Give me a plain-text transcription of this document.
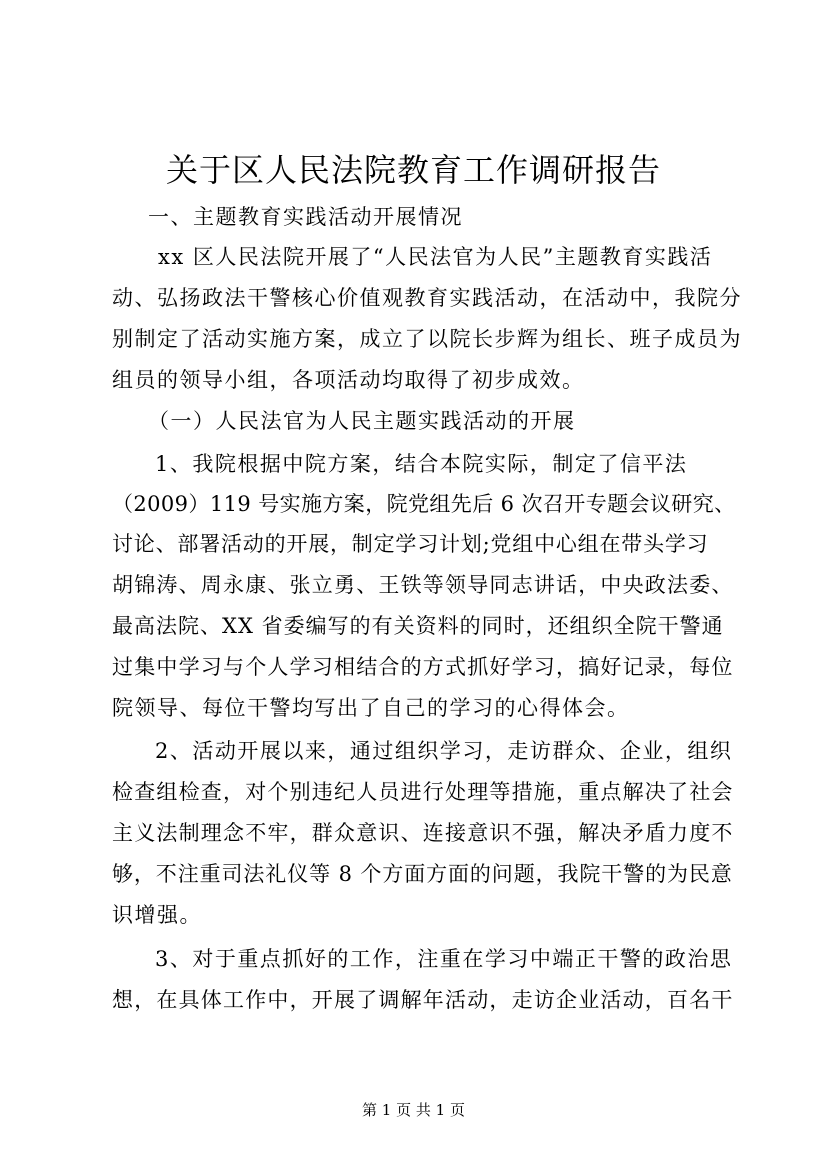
关于区人民法院教育工作调研报告
一、主题教育实践活动开展情况
xx 区人民法院开展了“人民法官为人民”主题教育实践活
动、弘扬政法干警核心价值观教育实践活动，在活动中，我院分
别制定了活动实施方案，成立了以院长步辉为组长、班子成员为
组员的领导小组，各项活动均取得了初步成效。
（一）人民法官为人民主题实践活动的开展
1、我院根据中院方案，结合本院实际，制定了信平法
（2009）119 号实施方案，院党组先后 6 次召开专题会议研究、
讨论、部署活动的开展，制定学习计划;党组中心组在带头学习
胡锦涛、周永康、张立勇、王铁等领导同志讲话，中央政法委、
最高法院、XX 省委编写的有关资料的同时，还组织全院干警通
过集中学习与个人学习相结合的方式抓好学习，搞好记录，每位
院领导、每位干警均写出了自己的学习的心得体会。
2、活动开展以来，通过组织学习，走访群众、企业，组织
检查组检查，对个别违纪人员进行处理等措施，重点解决了社会
主义法制理念不牢，群众意识、连接意识不强，解决矛盾力度不
够，不注重司法礼仪等 8 个方面方面的问题，我院干警的为民意
识增强。
3、对于重点抓好的工作，注重在学习中端正干警的政治思
想，在具体工作中，开展了调解年活动，走访企业活动，百名干
第 1 页 共 1 页
